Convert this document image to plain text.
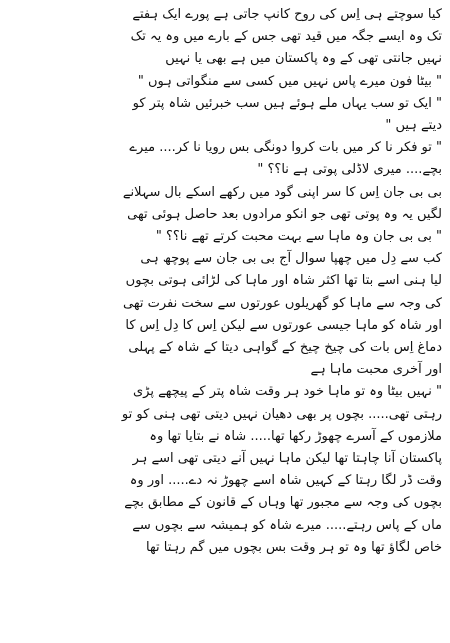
کیا سوچتے ہی اِس کی روح کانپ جاتی ہے پورے ایک ہفتے
تک وہ ایسے جگہ میں قید تھی جس کے بارے میں وہ یہ تک
نہیں جانتی تھی کے وہ پاکستان میں ہے بھی یا نہیں
" بیٹا فون میرے پاس نہیں میں کسی سے منگواتی ہوں "
" ایک تو سب یہاں ملے ہوئے ہیں سب خبرئیں شاہ پتر کو
دیتے ہیں "
" تو فکر نا کر میں بات کروا دونگی بس رویا نا کر.... میرے
بچے.... میری لاڈلی پوتی ہے نا؟؟ "
بی بی جان اِس کا سر اپنی گود میں رکھے اسکے بال سہلانے
لگیں یہ وہ پوتی تھی جو انکو مرادوں بعد حاصل ہوئی تھی
" بی بی جان وہ ماہا سے بہت محبت کرتے تھے نا؟؟ "
کب سے دِل میں چھپا سوال آج بی بی جان سے پوچھ ہی
لیا ہنی اسے بتا تھا اکثر شاہ اور ماہا کی لڑائی ہوتی بچوں
کی وجہ سے ماہا کو گھریلوں عورتوں سے سخت نفرت تھی
اور شاہ کو ماہا جیسی عورتوں سے لیکن اِس کا دِل اِس کا
دماغ اِس بات کی چیخ چیخ کے گواہی دیتا کے شاہ کے پہلی
اور آخری محبت ماہا ہے
" نہیں بیٹا وہ تو ماہا خود ہر وقت شاہ پتر کے پیچھے پڑی
رہتی تھی..... بچوں پر بھی دھیان نہیں دیتی تھی ہنی کو تو
ملازموں کے آسرے چھوڑ رکھا تھا..... شاہ نے بتایا تھا وہ
پاکستان آنا چاہتا تھا لیکن ماہا نہیں آنے دیتی تھی اسے ہر
وقت ڈر لگا رہتا کے کہیں شاہ اسے چھوڑ نہ دے..... اور وہ
بچوں کی وجہ سے مجبور تھا وہاں کے قانون کے مطابق بچے
ماں کے پاس رہتے..... میرے شاہ کو ہمیشہ سے بچوں سے
خاص لگاؤ تھا وہ تو ہر وقت بس بچوں میں گم رہتا تھا
